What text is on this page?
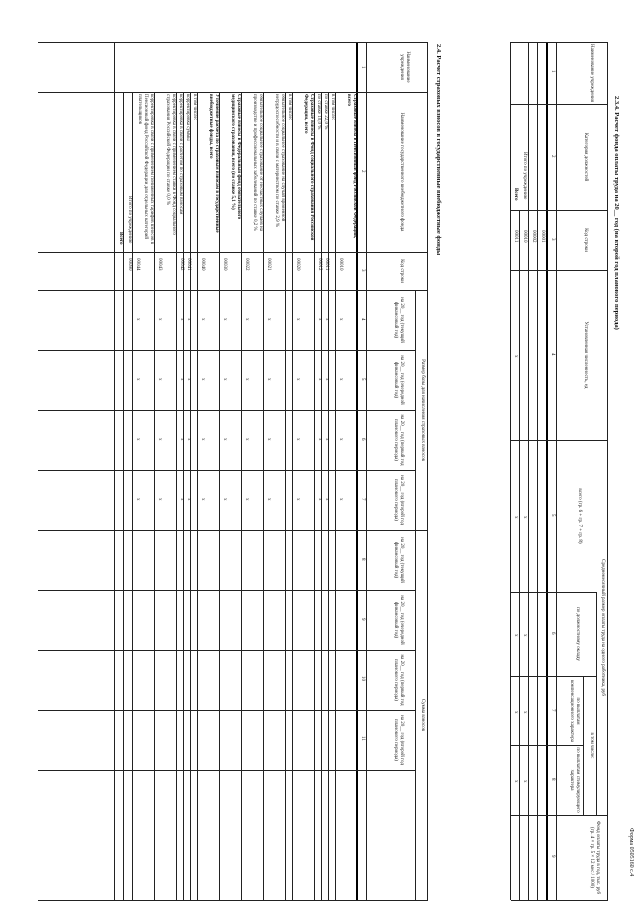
Форма 0505160 с.4
2.3.4. Расчет фонда оплаты труда на 20__ год (на второй год планового периода)
Наименование учреждения
Категория должностей
Код строки
Установленная численность, ед
Среднемесячный размер оплаты труда на одного работника, руб
всего (гр. 6 + гр. 7 + гр. 8)
по должностному окладу
в том числе:
по выплатам компенсационного характера
по выплатам стимулирующего характера
Фонд оплаты труда в год, тыс. руб (гр. 4 × гр. 5 × 12 мес / 1000)
1
2
3
4
5
6
7
8
9
00001
00002
Итого по учреждению
00010
Всего
00011
x
x
x
x
x
x
x
x
x
2.4. Расчет страховых взносов в государственные внебюджетные фонды
Наименование учреждения
Наименование государственного внебюджетного фонда
Код строки
Размер базы для начисления страховых взносов
Сумма взносов
на 20__ год (текущий финансовый год)
на 20__ год (очередной финансовый год)
на 20__ год (первый год планового периода)
на 20__ год (второй год планового периода)
на 20__ год (текущий финансовый год)
на 20__ год (очередной финансовый год)
на 20__ год (первый год планового периода)
на 20__ год (второй год планового периода)
1
2
3
4
5
6
7
8
9
10
11
Страховые взносы в Пенсионный фонд Российской Федерации, всего
00010
x
x
x
x
в том числе:
по ставке 22,0 %
00011
x
x
x
x
по ставке 10,0 %
00012
x
x
x
x
Страховые взносы в Фонд социального страхования Российской Федерации, всего
00020
x
x
x
x
в том числе:
обязательное социальное страхование на случай временной нетрудоспособности и в связи с материнством по ставке 2,9 %
00021
x
x
x
x
обязательное социальное страхование от несчастных случаев на производстве и профессиональных заболеваний по ставке 0,2 %
00022
x
x
x
x
Страховые взносы в Федеральный фонд обязательного медицинского страхования, всего (по ставке 5,1 %)
00030
x
x
x
x
Уточнение расчета по страховым взносам в государственные внебюджетные фонды, всего
00040
x
x
x
x
в том числе:
корректировка суммы
00041
x
x
x
x
корректировка в связи с расчетом по страховым взносам
00042
x
x
x
x
корректировка в связи с применением ставки в Фонд социального страхования Российской Федерации по ставке 0,0 %
00043
x
x
x
x
корректировка в связи с применением пониженных тарифов взносов в Пенсионный фонд Российской Федерации для отдельных категорий плательщиков
00044
x
x
x
x
Итого по учреждению
00090
Всего
